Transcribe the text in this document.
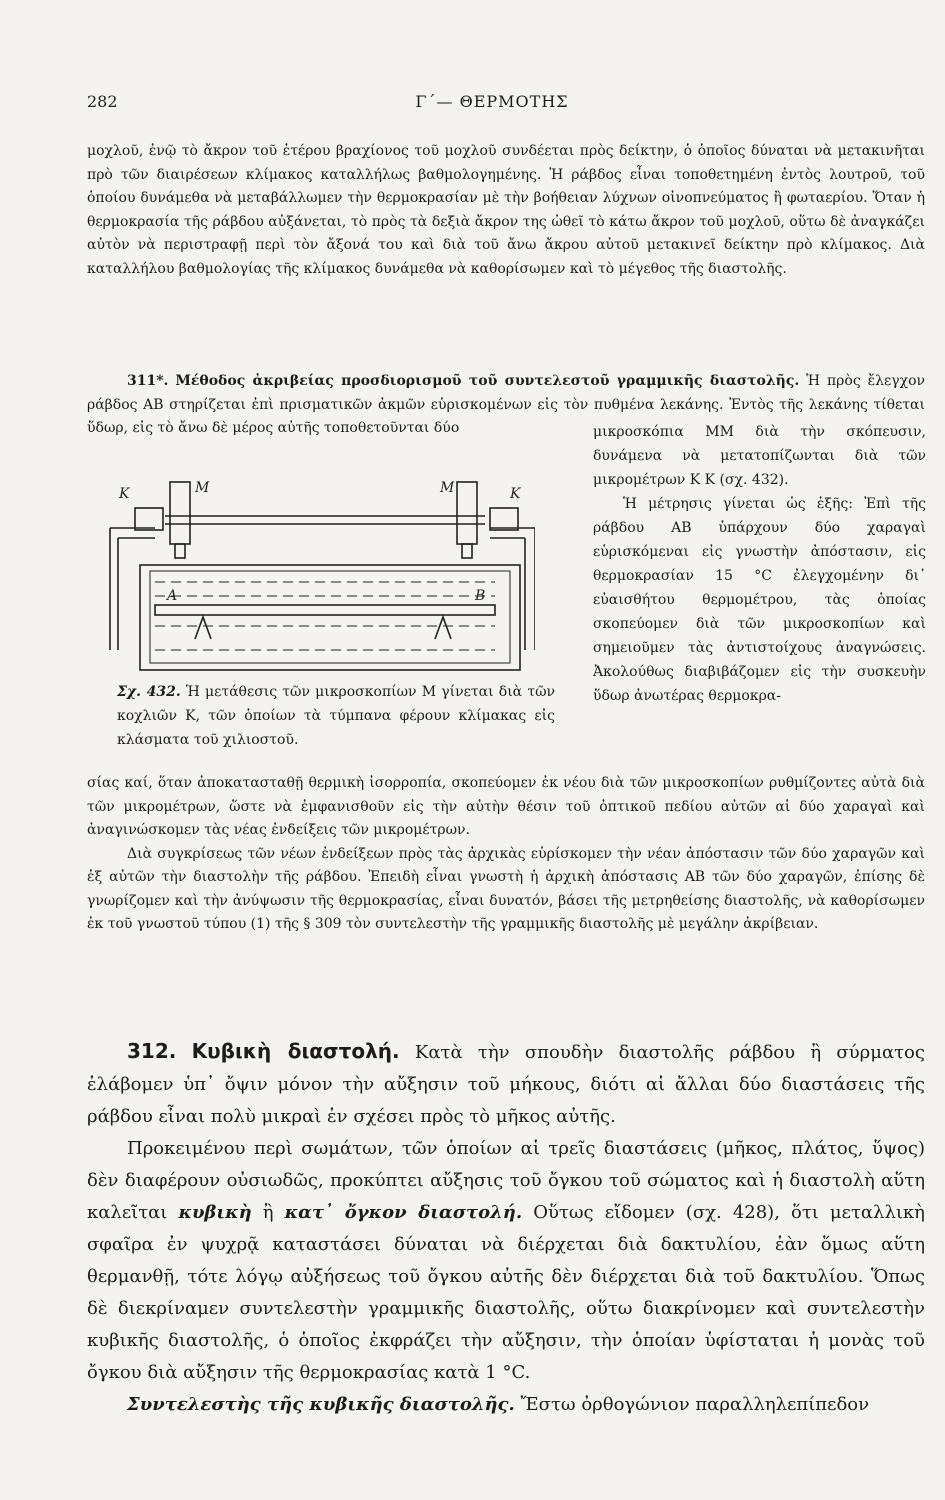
282	Γ΄— ΘΕΡΜΟΤΗΣ

μοχλοῦ, ἐνῷ τὸ ἄκρον τοῦ ἑτέρου βραχίονος τοῦ μοχλοῦ συνδέεται πρὸς δείκτην, ὁ ὁποῖος δύναται νὰ μετακινῆται πρὸ τῶν διαιρέσεων κλίμακος καταλλήλως βαθμολογημένης. Ἡ ράβδος εἶναι τοποθετημένη ἐντὸς λουτροῦ, τοῦ ὁποίου δυνάμεθα νὰ μεταβάλλωμεν τὴν θερμοκρασίαν μὲ τὴν βοήθειαν λύχνων οἰνοπνεύματος ἢ φωταερίου. Ὅταν ἡ θερμοκρασία τῆς ράβδου αὐξάνεται, τὸ πρὸς τὰ δεξιὰ ἄκρον της ὠθεῖ τὸ κάτω ἄκρον τοῦ μοχλοῦ, οὕτω δὲ ἀναγκάζει αὐτὸν νὰ περιστραφῇ περὶ τὸν ἄξονά του καὶ διὰ τοῦ ἄνω ἄκρου αὐτοῦ μετακινεῖ δείκτην πρὸ κλίμακος. Διὰ καταλλήλου βαθμολογίας τῆς κλίμακος δυνάμεθα νὰ καθορίσωμεν καὶ τὸ μέγεθος τῆς διαστολῆς.

311*. Μέθοδος ἀκριβείας προσδιορισμοῦ τοῦ συντελεστοῦ γραμμικῆς διαστολῆς. Ἡ πρὸς ἔλεγχον ράβδος ΑΒ στηρίζεται ἐπὶ πρισματικῶν ἀκμῶν εὑρισκομένων εἰς τὸν πυθμένα λεκάνης. Ἐντὸς τῆς λεκάνης τίθεται ὕδωρ, εἰς τὸ ἄνω δὲ μέρος αὐτῆς τοποθετοῦνται δύο	μικροσκόπια ΜΜ διὰ τὴν σκόπευσιν, δυνάμενα νὰ μετατοπίζωνται διὰ τῶν μικρομέτρων Κ Κ (σχ. 432).

Ἡ μέτρησις γίνεται ὡς ἑξῆς: Ἐπὶ τῆς ράβδου ΑΒ ὑπάρχουν δύο χαραγαὶ εὑρισκόμεναι εἰς γνωστὴν ἀπόστασιν, εἰς θερμοκρασίαν 15 °C ἐλεγχομένην δι᾿ εὐαισθήτου θερμομέτρου, τὰς ὁποίας σκοπεύομεν διὰ τῶν μικροσκοπίων καὶ σημειοῦμεν τὰς ἀντιστοίχους ἀναγνώσεις. Ἀκολούθως διαβιβάζομεν εἰς τὴν συσκευὴν ὕδωρ ἀνωτέρας θερμοκρα-

K	M	M	K
A	B
Σχ. 432. Ἡ μετάθεσις τῶν μικροσκοπίων Μ γίνεται διὰ τῶν κοχλιῶν Κ, τῶν ὁποίων τὰ τύμπανα φέρουν κλίμακας εἰς κλάσματα τοῦ χιλιοστοῦ.

σίας καί, ὅταν ἀποκατασταθῇ θερμικὴ ἰσορροπία, σκοπεύομεν ἐκ νέου διὰ τῶν μικροσκοπίων ρυθμίζοντες αὐτὰ διὰ τῶν μικρομέτρων, ὥστε νὰ ἐμφανισθοῦν εἰς τὴν αὐτὴν θέσιν τοῦ ὀπτικοῦ πεδίου αὐτῶν αἱ δύο χαραγαὶ καὶ ἀναγινώσκομεν τὰς νέας ἐνδείξεις τῶν μικρομέτρων.

Διὰ συγκρίσεως τῶν νέων ἐνδείξεων πρὸς τὰς ἀρχικὰς εὑρίσκομεν τὴν νέαν ἀπόστασιν τῶν δύο χαραγῶν καὶ ἐξ αὐτῶν τὴν διαστολὴν τῆς ράβδου. Ἐπειδὴ εἶναι γνωστὴ ἡ ἀρχικὴ ἀπόστασις ΑΒ τῶν δύο χαραγῶν, ἐπίσης δὲ γνωρίζομεν καὶ τὴν ἀνύψωσιν τῆς θερμοκρασίας, εἶναι δυνατόν, βάσει τῆς μετρηθείσης διαστολῆς, νὰ καθορίσωμεν ἐκ τοῦ γνωστοῦ τύπου (1) τῆς § 309 τὸν συντελεστὴν τῆς γραμμικῆς διαστολῆς μὲ μεγάλην ἀκρίβειαν.

312. Κυβικὴ διαστολή. Κατὰ τὴν σπουδὴν διαστολῆς ράβδου ἢ σύρματος ἐλάβομεν ὑπ᾿ ὄψιν μόνον τὴν αὔξησιν τοῦ μήκους, διότι αἱ ἄλλαι δύο διαστάσεις τῆς ράβδου εἶναι πολὺ μικραὶ ἐν σχέσει πρὸς τὸ μῆκος αὐτῆς.

Προκειμένου περὶ σωμάτων, τῶν ὁποίων αἱ τρεῖς διαστάσεις (μῆκος, πλάτος, ὕψος) δὲν διαφέρουν οὐσιωδῶς, προκύπτει αὔξησις τοῦ ὄγκου τοῦ σώματος καὶ ἡ διαστολὴ αὕτη καλεῖται κυβικὴ ἢ κατ᾿ ὄγκον διαστολή. Οὕτως εἴδομεν (σχ. 428), ὅτι μεταλλικὴ σφαῖρα ἐν ψυχρᾷ καταστάσει δύναται νὰ διέρχεται διὰ δακτυλίου, ἐὰν ὅμως αὕτη θερμανθῇ, τότε λόγῳ αὐξήσεως τοῦ ὄγκου αὐτῆς δὲν διέρχεται διὰ τοῦ δακτυλίου. Ὅπως δὲ διεκρίναμεν συντελεστὴν γραμμικῆς διαστολῆς, οὕτω διακρίνομεν καὶ συντελεστὴν κυβικῆς διαστολῆς, ὁ ὁποῖος ἐκφράζει τὴν αὔξησιν, τὴν ὁποίαν ὑφίσταται ἡ μονὰς τοῦ ὄγκου διὰ αὔξησιν τῆς θερμοκρασίας κατὰ 1 °C.

Συντελεστὴς τῆς κυβικῆς διαστολῆς. Ἔστω ὀρθογώνιον παραλληλεπίπεδον
